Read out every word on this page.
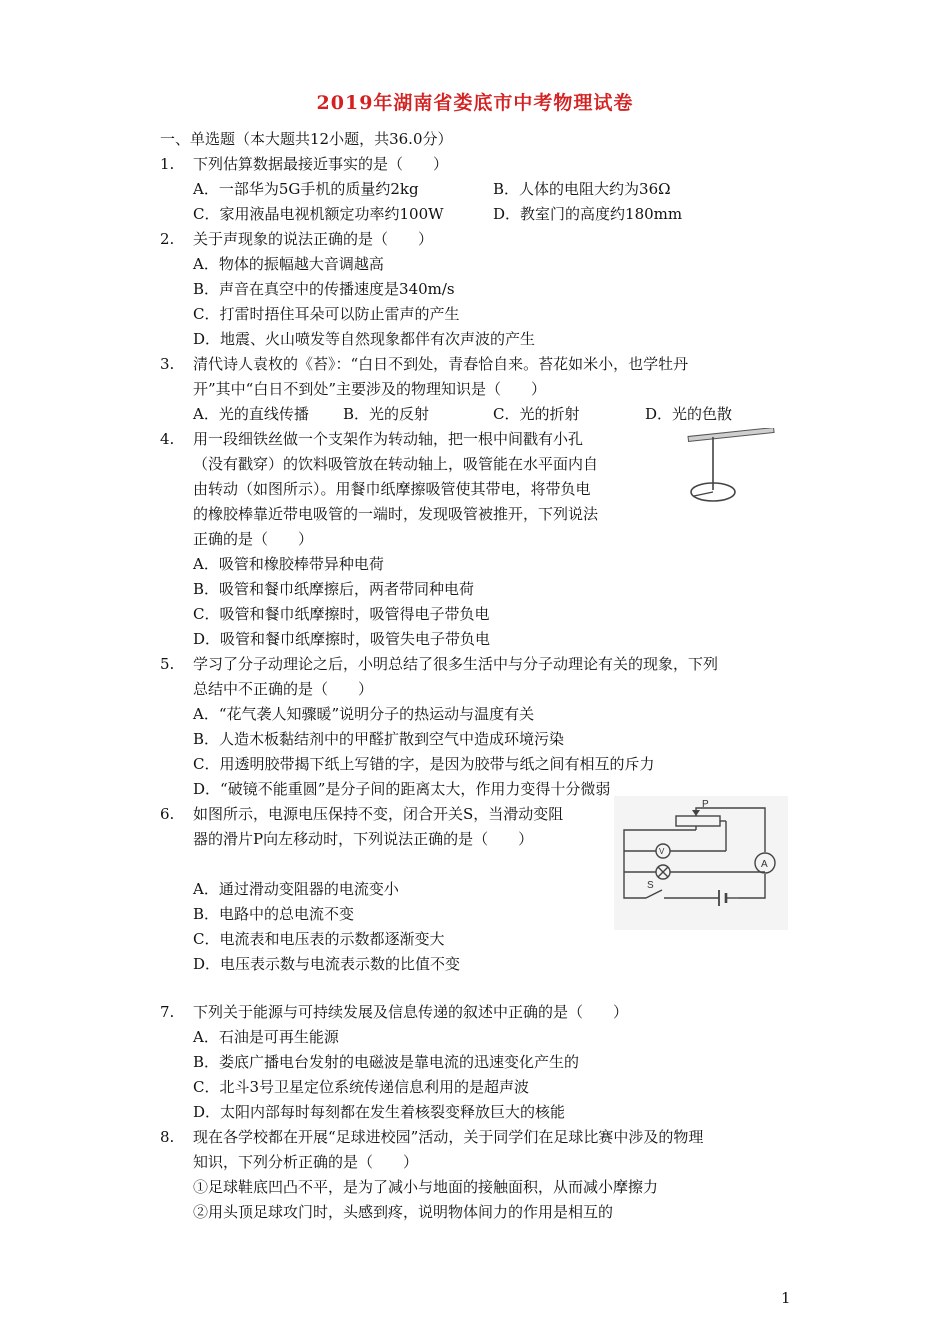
2019年湖南省娄底市中考物理试卷
一、单选题（本大题共12小题，共36.0分）
1. 下列估算数据最接近事实的是（　　）
A．一部华为5G手机的质量约2kg	B．人体的电阻大约为36Ω
C．家用液晶电视机额定功率约100W	D．教室门的高度约180mm
2. 关于声现象的说法正确的是（　　）
A．物体的振幅越大音调越高
B．声音在真空中的传播速度是340m/s
C．打雷时捂住耳朵可以防止雷声的产生
D．地震、火山喷发等自然现象都伴有次声波的产生
3. 清代诗人袁枚的《苔》：“白日不到处，青春恰自来。苔花如米小，也学牡丹
开”其中“白日不到处”主要涉及的物理知识是（　　）
A．光的直线传播 B．光的反射	C．光的折射	D．光的色散
4. 用一段细铁丝做一个支架作为转动轴，把一根中间戳有小孔
（没有戳穿）的饮料吸管放在转动轴上，吸管能在水平面内自
由转动（如图所示）。用餐巾纸摩擦吸管使其带电，将带负电
的橡胶棒靠近带电吸管的一端时，发现吸管被推开，下列说法
正确的是（　　）
A．吸管和橡胶棒带异种电荷
B．吸管和餐巾纸摩擦后，两者带同种电荷
C．吸管和餐巾纸摩擦时，吸管得电子带负电
D．吸管和餐巾纸摩擦时，吸管失电子带负电
5. 学习了分子动理论之后，小明总结了很多生活中与分子动理论有关的现象，下列
总结中不正确的是（　　）
A．“花气袭人知骤暖”说明分子的热运动与温度有关
B．人造木板黏结剂中的甲醛扩散到空气中造成环境污染
C．用透明胶带揭下纸上写错的字，是因为胶带与纸之间有相互的斥力
D．“破镜不能重圆”是分子间的距离太大，作用力变得十分微弱
6. 如图所示，电源电压保持不变，闭合开关S，当滑动变阻
器的滑片P向左移动时，下列说法正确的是（　　）
A．通过滑动变阻器的电流变小
B．电路中的总电流不变
C．电流表和电压表的示数都逐渐变大
D．电压表示数与电流表示数的比值不变
P
S
V
A
7. 下列关于能源与可持续发展及信息传递的叙述中正确的是（　　）
A．石油是可再生能源
B．娄底广播电台发射的电磁波是靠电流的迅速变化产生的
C．北斗3号卫星定位系统传递信息利用的是超声波
D．太阳内部每时每刻都在发生着核裂变释放巨大的核能
8. 现在各学校都在开展“足球进校园”活动，关于同学们在足球比赛中涉及的物理
知识，下列分析正确的是（　　）
①足球鞋底凹凸不平，是为了减小与地面的接触面积，从而减小摩擦力
②用头顶足球攻门时，头感到疼，说明物体间力的作用是相互的
1
